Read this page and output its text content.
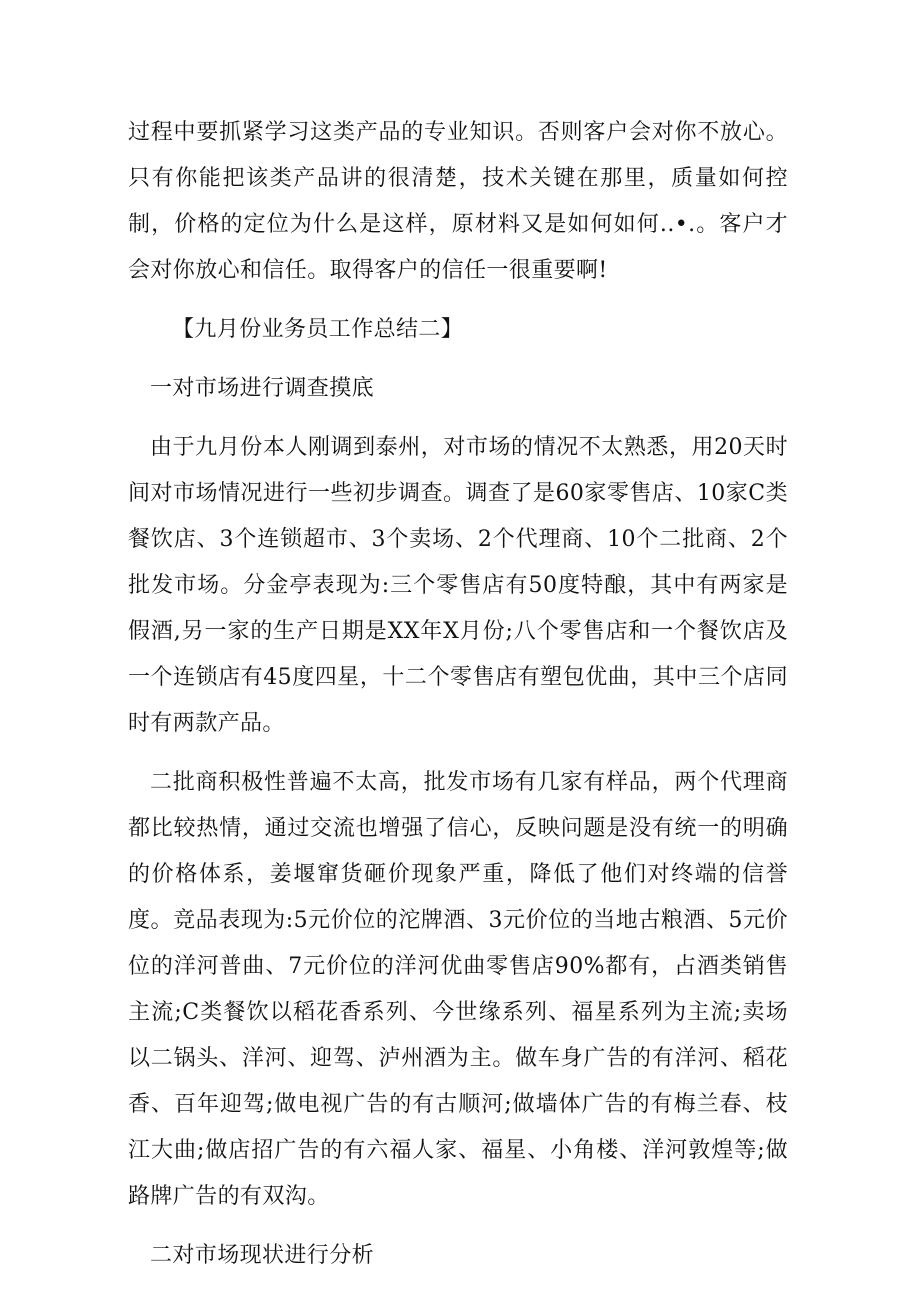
过程中要抓紧学习这类产品的专业知识。否则客户会对你不放心。只有你能把该类产品讲的很清楚，技术关键在那里，质量如何控制，价格的定位为什么是这样，原材料又是如何如何..•.。客户才会对你放心和信任。取得客户的信任一很重要啊!

【九月份业务员工作总结二】

一对市场进行调查摸底

由于九月份本人刚调到泰州，对市场的情况不太熟悉，用20天时间对市场情况进行一些初步调查。调查了是60家零售店、10家C类餐饮店、3个连锁超市、3个卖场、2个代理商、10个二批商、2个批发市场。分金亭表现为:三个零售店有50度特酿，其中有两家是假酒,另一家的生产日期是XX年X月份;八个零售店和一个餐饮店及一个连锁店有45度四星，十二个零售店有塑包优曲，其中三个店同时有两款产品。

二批商积极性普遍不太高，批发市场有几家有样品，两个代理商都比较热情，通过交流也增强了信心，反映问题是没有统一的明确的价格体系，姜堰窜货砸价现象严重，降低了他们对终端的信誉度。竞品表现为:5元价位的沱牌酒、3元价位的当地古粮酒、5元价位的洋河普曲、7元价位的洋河优曲零售店90%都有，占酒类销售主流;C类餐饮以稻花香系列、今世缘系列、福星系列为主流;卖场以二锅头、洋河、迎驾、泸州酒为主。做车身广告的有洋河、稻花香、百年迎驾;做电视广告的有古顺河;做墙体广告的有梅兰春、枝江大曲;做店招广告的有六福人家、福星、小角楼、洋河敦煌等;做路牌广告的有双沟。

二对市场现状进行分析
